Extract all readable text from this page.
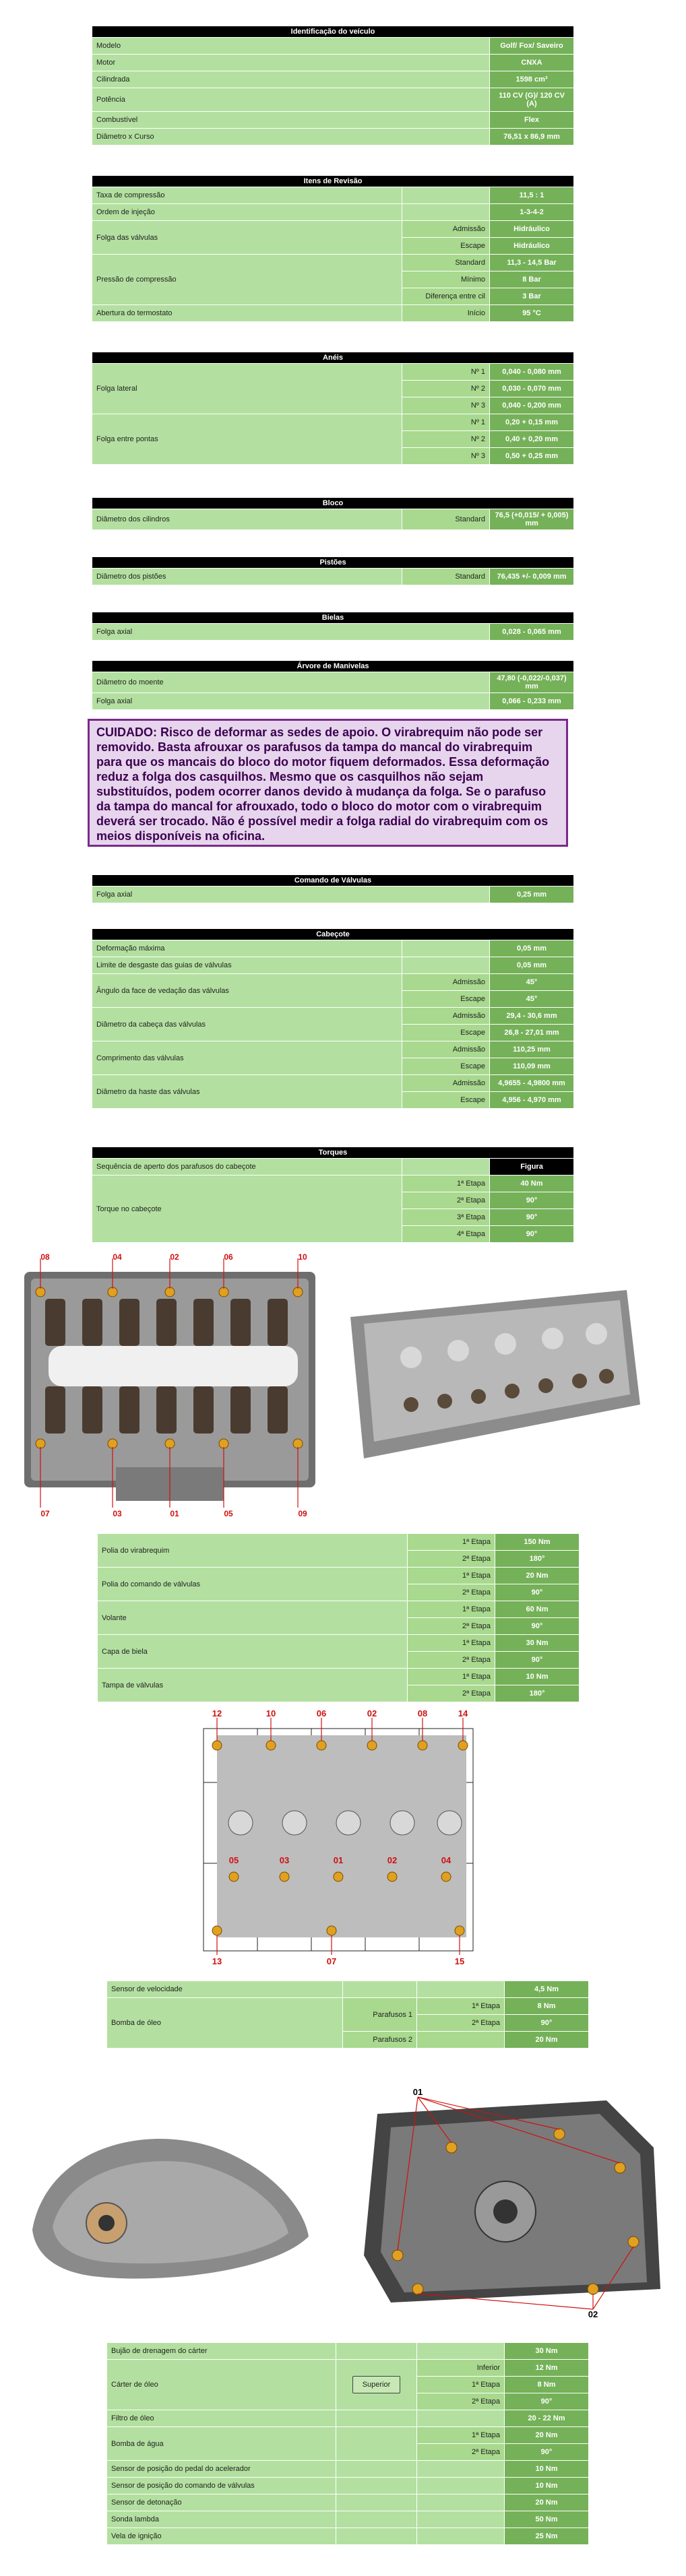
Identificação do veículo	
Modelo	Golf/ Fox/ Saveiro
Motor	CNXA
Cilindrada	1598 cm³
Potência	110 CV (G)/ 120 CV (A)
Combustível	Flex
Diâmetro x Curso	76,51 x 86,9 mm
Itens de Revisão		
Taxa de compressão		11,5 : 1
Ordem de injeção		1-3-4-2
Folga das válvulas	Admissão	Hidráulico
	Escape	Hidráulico
Pressão de compressão	Standard	11,3 - 14,5 Bar
	Mínimo	8 Bar
	Diferença entre cil	3 Bar
Abertura do termostato	Início	95 °C
Anéis		
Folga lateral	Nº 1	0,040 - 0,080 mm
	Nº 2	0,030 - 0,070 mm
	Nº 3	0,040 - 0,200 mm
Folga entre pontas	Nº 1	0,20 + 0,15 mm
	Nº 2	0,40 + 0,20 mm
	Nº 3	0,50 + 0,25 mm
Bloco
Diâmetro dos cilindros	Standard	76,5 (+0,015/ + 0,005) mm
Pistões
Diâmetro dos pistões	Standard	76,435 +/- 0,009 mm
Bielas
Folga axial	0,028 - 0,065 mm
Árvore de Manivelas	
Diâmetro do moente	47,80 (-0,022/-0,037) mm
Folga axial	0,066 - 0,233 mm
CUIDADO: Risco de deformar as sedes de apoio. O virabrequim não pode ser removido. Basta afrouxar os parafusos da tampa do mancal do virabrequim para que os mancais do bloco do motor fiquem deformados. Essa deformação reduz a folga dos casquilhos. Mesmo que os casquilhos não sejam substituídos, podem ocorrer danos devido à mudança da folga. Se o parafuso da tampa do mancal for afrouxado, todo o bloco do motor com o virabrequim deverá ser trocado. Não é possível medir a folga radial do virabrequim com os meios disponíveis na oficina.
Comando de Válvulas
Folga axial	0,25 mm
Cabeçote		
Deformação máxima		0,05 mm
Limite de desgaste das guias de válvulas		0,05 mm
Ângulo da face de vedação das válvulas	Admissão	45°
	Escape	45°
Diâmetro da cabeça das válvulas	Admissão	29,4 - 30,6 mm
	Escape	26,8 - 27,01 mm
Comprimento das válvulas	Admissão	110,25 mm
	Escape	110,09 mm
Diâmetro da haste das válvulas	Admissão	4,9655 - 4,9800 mm
	Escape	4,956 - 4,970 mm
Torques		
Sequência de aperto dos parafusos do cabeçote		Figura
Torque no cabeçote	1ª Etapa	40 Nm
	2ª Etapa	90°
	3ª Etapa	90°
	4ª Etapa	90°
08	04	02	06	10
07	03	01	05	09
Polia do virabrequim	1ª Etapa	150 Nm
	2ª Etapa	180°
Polia do comando de válvulas	1ª Etapa	20 Nm
	2ª Etapa	90°
Volante	1ª Etapa	60 Nm
	2ª Etapa	90°
Capa de biela	1ª Etapa	30 Nm
	2ª Etapa	90°
Tampa de válvulas	1ª Etapa	10 Nm
	2ª Etapa	180°
12	10	06	02	08	14
05	03	01	02	04
13	07	15
Sensor de velocidade			4,5 Nm
Bomba de óleo	Parafusos 1	1ª Etapa	8 Nm
		2ª Etapa	90°
	Parafusos 2		20 Nm
01
02
Bujão de drenagem do cárter			30 Nm
Cárter de óleo	Superior	Inferior	12 Nm
		1ª Etapa	8 Nm
		2ª Etapa	90°
Filtro de óleo			20 - 22 Nm
Bomba de água		1ª Etapa	20 Nm
		2ª Etapa	90°
Sensor de posição do pedal do acelerador			10 Nm
Sensor de posição do comando de válvulas			10 Nm
Sensor de detonação			20 Nm
Sonda lambda			50 Nm
Vela de ignição			25 Nm
